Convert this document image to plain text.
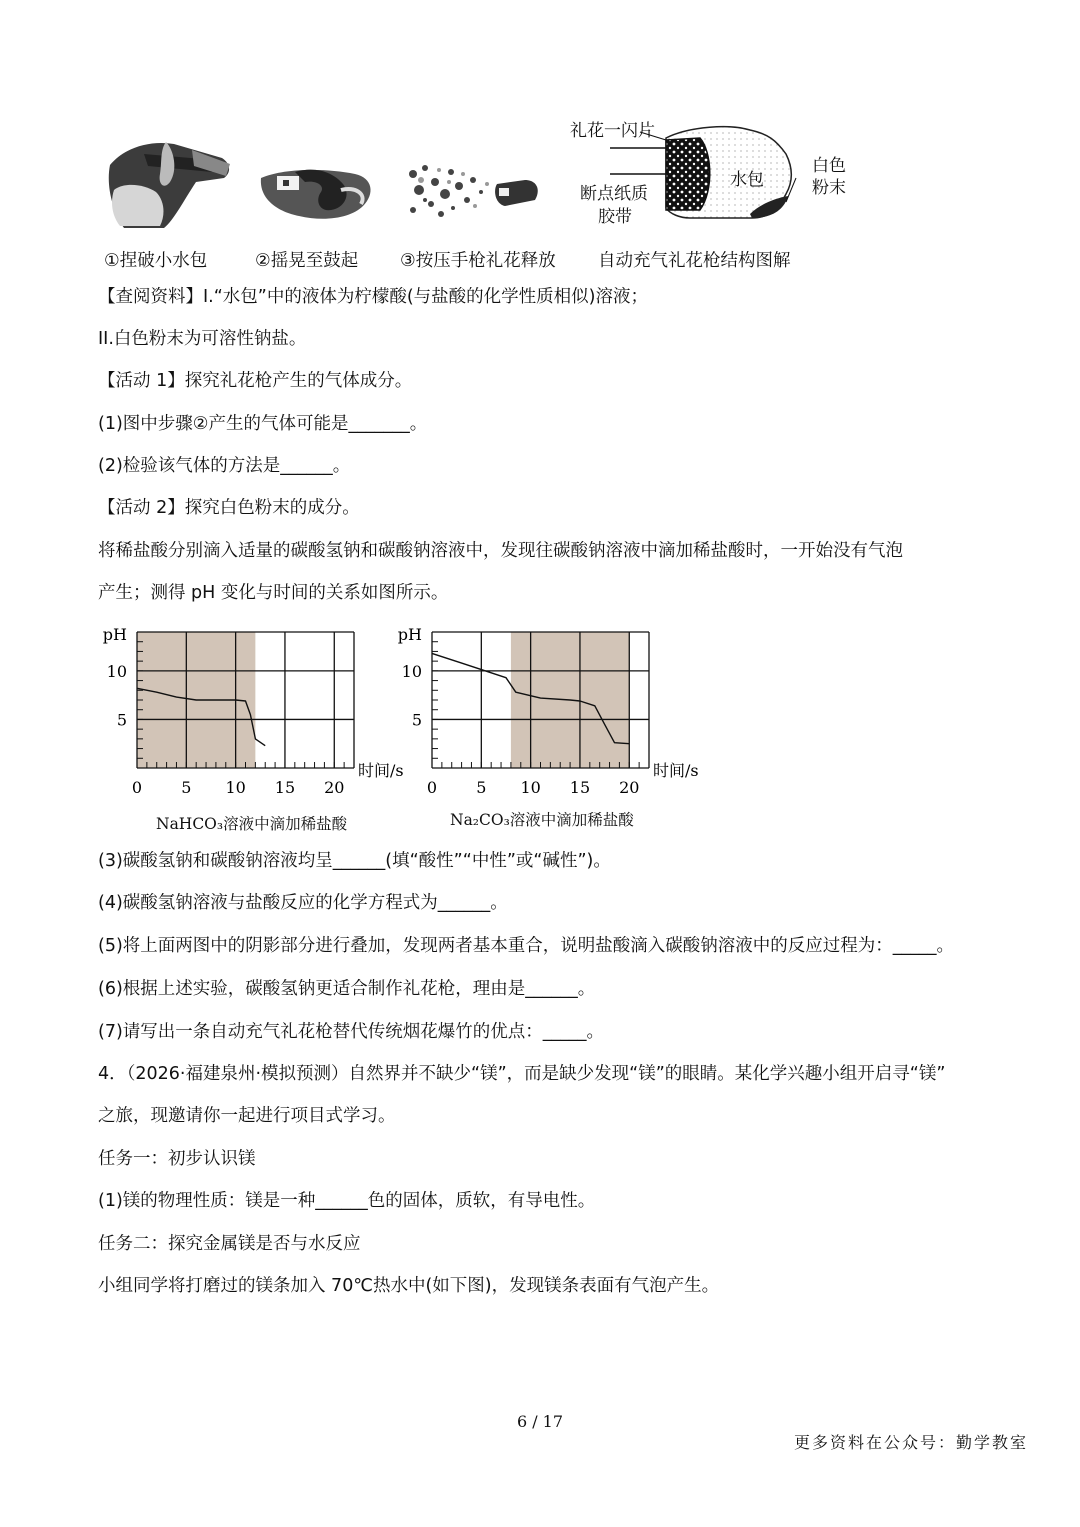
①捏破小水包	②摇晃至鼓起 ③按压手枪礼花释放 自动充气礼花枪结构图解
礼花一闪片
断点纸质
胶带
水包
白色
粉末
【查阅资料】I.“水包”中的液体为柠檬酸(与盐酸的化学性质相似)溶液；
II.白色粉末为可溶性钠盐。
【活动 1】探究礼花枪产生的气体成分。
(1)图中步骤②产生的气体可能是_______。
(2)检验该气体的方法是______。
【活动 2】探究白色粉末的成分。
将稀盐酸分别滴入适量的碳酸氢钠和碳酸钠溶液中，发现往碳酸钠溶液中滴加稀盐酸时，一开始没有气泡
产生；测得 pH 变化与时间的关系如图所示。
0 5 10 15 20
5
10
pH
时间/s
0 5 10 15 20
5
10
pH
时间/s
NaHCO₃溶液中滴加稀盐酸	Na₂CO₃溶液中滴加稀盐酸
(3)碳酸氢钠和碳酸钠溶液均呈______(填“酸性”“中性”或“碱性”)。
(4)碳酸氢钠溶液与盐酸反应的化学方程式为______。
(5)将上面两图中的阴影部分进行叠加，发现两者基本重合，说明盐酸滴入碳酸钠溶液中的反应过程为：_____。
(6)根据上述实验，碳酸氢钠更适合制作礼花枪，理由是______。
(7)请写出一条自动充气礼花枪替代传统烟花爆竹的优点：_____。
4．（2026·福建泉州·模拟预测）自然界并不缺少“镁”，而是缺少发现“镁”的眼睛。某化学兴趣小组开启寻“镁”
之旅，现邀请你一起进行项目式学习。
任务一：初步认识镁
(1)镁的物理性质：镁是一种______色的固体，质软，有导电性。
任务二：探究金属镁是否与水反应
小组同学将打磨过的镁条加入 70℃热水中(如下图)，发现镁条表面有气泡产生。
6 / 17
更多资料在公众号：勤学教室
